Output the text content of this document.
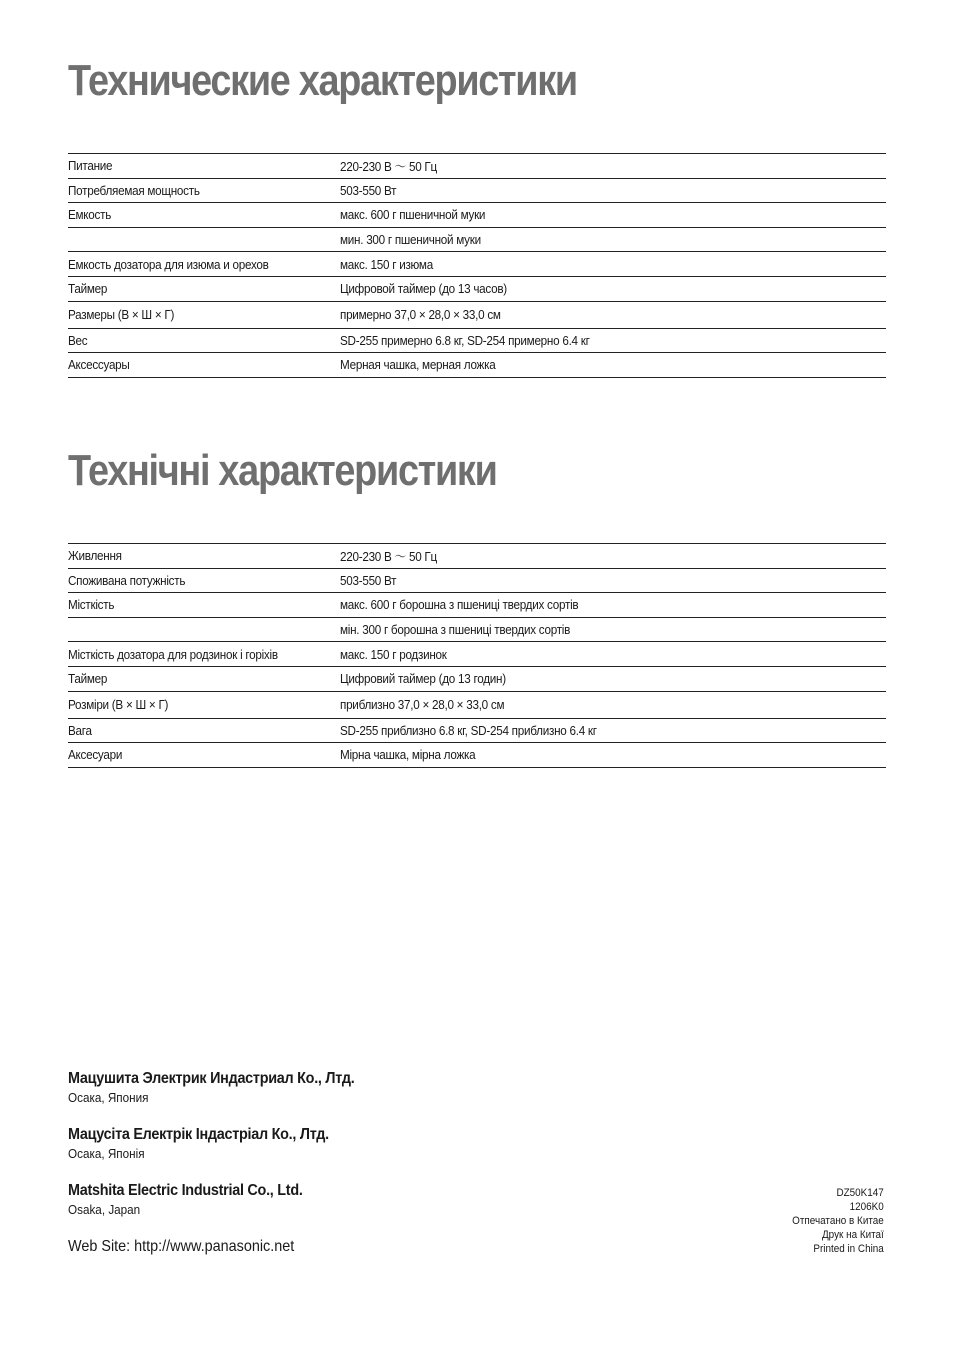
Технические характеристики
Питание	220-230 В ～ 50 Гц
Потребляемая мощность	503-550 Вт
Емкость	макс. 600 г пшеничной муки
	мин. 300 г пшеничной муки
Емкость дозатора для изюма и орехов	макс. 150 г изюма
Таймер	Цифровой таймер (до 13 часов)
Размеры (В × Ш × Г)	примерно 37,0 × 28,0 × 33,0 см
Вес	SD-255 примерно 6.8 кг, SD-254 примерно 6.4 кг
Аксессуары	Мерная чашка, мерная ложка
Технічні характеристики
Живлення	220-230 В ～ 50 Гц
Споживана потужність	503-550 Вт
Місткість	макс. 600 г борошна з пшениці твердих сортів
	мін. 300 г борошна з пшениці твердих сортів
Місткість дозатора для родзинок і горіхів	макс. 150 г родзинок
Таймер	Цифровий таймер (до 13 годин)
Розміри (В × Ш × Г)	приблизно 37,0 × 28,0 × 33,0 см
Вага	SD-255 приблизно 6.8 кг, SD-254 приблизно 6.4 кг
Аксесуари	Мірна чашка, мірна ложка
Мацушита Электрик Индастриал Ко., Лтд.
Осака, Япония
Мацусіта Електрік Індастріал Ко., Лтд.
Осака, Японія
Matshita Electric Industrial Co., Ltd.
Osaka, Japan
Web Site: http://www.panasonic.net
DZ50K147
1206K0
Отпечатано в Китае
Друк на Китаї
Printed in China
